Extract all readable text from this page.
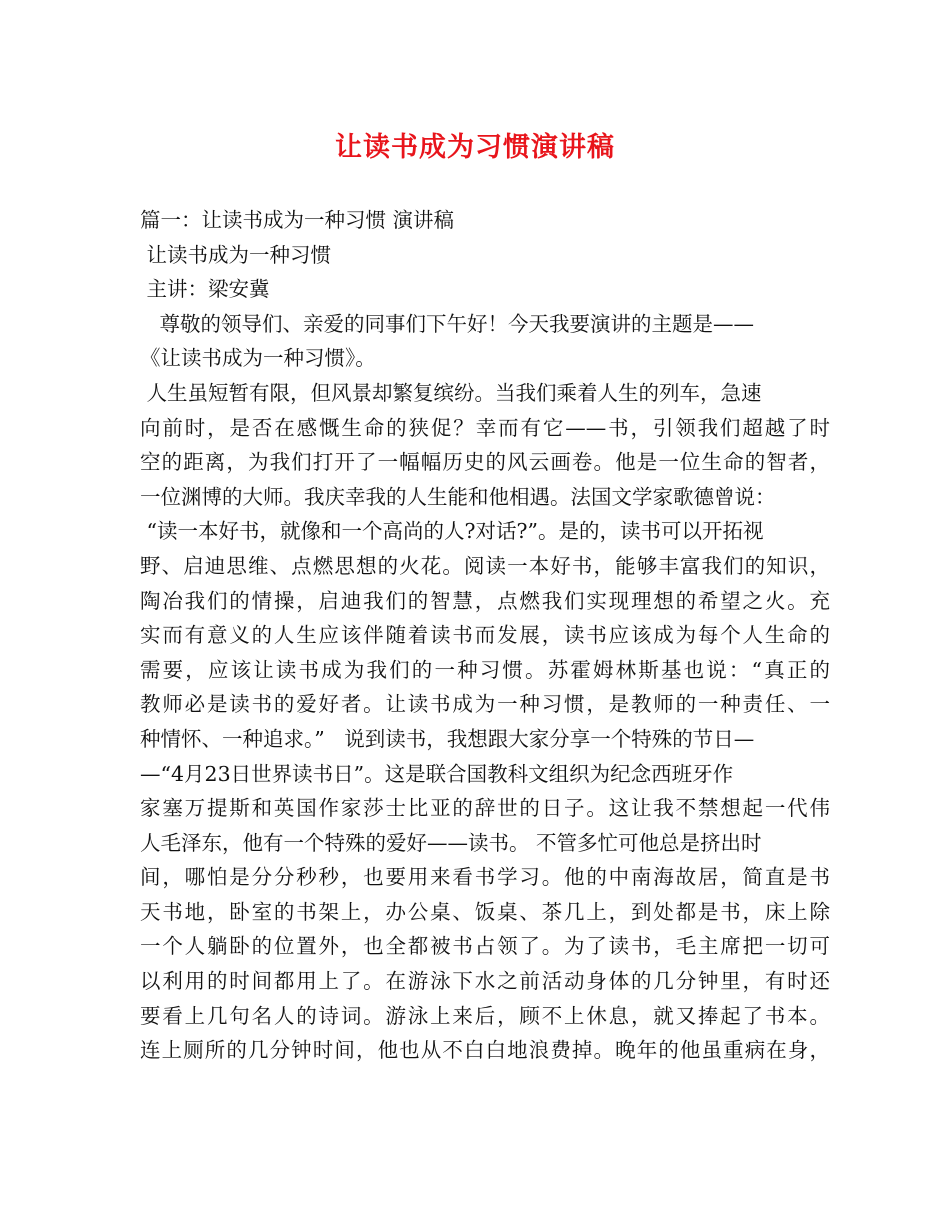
让读书成为习惯演讲稿
篇一：让读书成为一种习惯 演讲稿
让读书成为一种习惯
主讲：梁安冀
尊敬的领导们、亲爱的同事们下午好！今天我要演讲的主题是——
《让读书成为一种习惯》。
人生虽短暂有限，但风景却繁复缤纷。当我们乘着人生的列车，急速
向前时，是否在感慨生命的狭促？幸而有它——书，引领我们超越了时
空的距离，为我们打开了一幅幅历史的风云画卷。他是一位生命的智者，
一位渊博的大师。我庆幸我的人生能和他相遇。法国文学家歌德曾说：
“读一本好书，就像和一个高尚的人?对话?”。是的，读书可以开拓视
野、启迪思维、点燃思想的火花。阅读一本好书，能够丰富我们的知识，
陶冶我们的情操，启迪我们的智慧，点燃我们实现理想的希望之火。充
实而有意义的人生应该伴随着读书而发展，读书应该成为每个人生命的
需要，应该让读书成为我们的一种习惯。苏霍姆林斯基也说：“真正的
教师必是读书的爱好者。让读书成为一种习惯，是教师的一种责任、一
种情怀、一种追求。”   说到读书，我想跟大家分享一个特殊的节日—
—“4月23日世界读书日”。这是联合国教科文组织为纪念西班牙作
家塞万提斯和英国作家莎士比亚的辞世的日子。这让我不禁想起一代伟
人毛泽东，他有一个特殊的爱好——读书。 不管多忙可他总是挤出时
间，哪怕是分分秒秒，也要用来看书学习。他的中南海故居，简直是书
天书地，卧室的书架上，办公桌、饭桌、茶几上，到处都是书，床上除
一个人躺卧的位置外，也全都被书占领了。为了读书，毛主席把一切可
以利用的时间都用上了。在游泳下水之前活动身体的几分钟里，有时还
要看上几句名人的诗词。游泳上来后，顾不上休息，就又捧起了书本。
连上厕所的几分钟时间，他也从不白白地浪费掉。晚年的他虽重病在身，
